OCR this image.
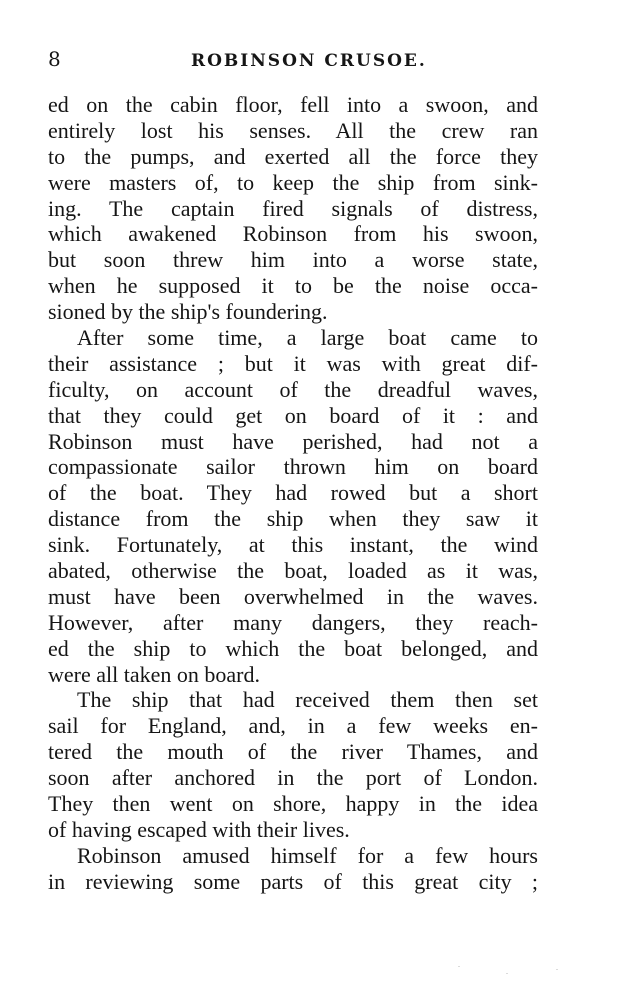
8	ROBINSON CRUSOE.
ed on the cabin floor, fell into a swoon, and
entirely lost his senses. All the crew ran
to the pumps, and exerted all the force they
were masters of, to keep the ship from sink-
ing. The captain fired signals of distress,
which awakened Robinson from his swoon,
but soon threw him into a worse state,
when he supposed it to be the noise occa-
sioned by the ship's foundering.
After some time, a large boat came to
their assistance ; but it was with great dif-
ficulty, on account of the dreadful waves,
that they could get on board of it : and
Robinson must have perished, had not a
compassionate sailor thrown him on board
of the boat. They had rowed but a short
distance from the ship when they saw it
sink. Fortunately, at this instant, the wind
abated, otherwise the boat, loaded as it was,
must have been overwhelmed in the waves.
However, after many dangers, they reach-
ed the ship to which the boat belonged, and
were all taken on board.
The ship that had received them then set
sail for England, and, in a few weeks en-
tered the mouth of the river Thames, and
soon after anchored in the port of London.
They then went on shore, happy in the idea
of having escaped with their lives.
Robinson amused himself for a few hours
in reviewing some parts of this great city ;
